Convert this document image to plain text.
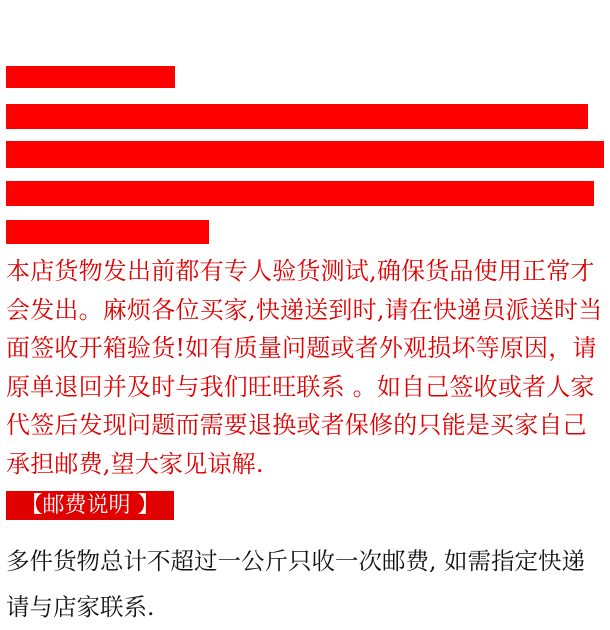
本店货物发出前都有专人验货测试,确保货品使用正常才会发出。麻烦各位买家,快递送到时,请在快递员派送时当面签收开箱验货!如有质量问题或者外观损坏等原因，请原单退回并及时与我们旺旺联系 。如自己签收或者人家代签后发现问题而需要退换或者保修的只能是买家自己承担邮费,望大家见谅解.

【邮费说明 】

多件货物总计不超过一公斤只收一次邮费, 如需指定快递请与店家联系.
